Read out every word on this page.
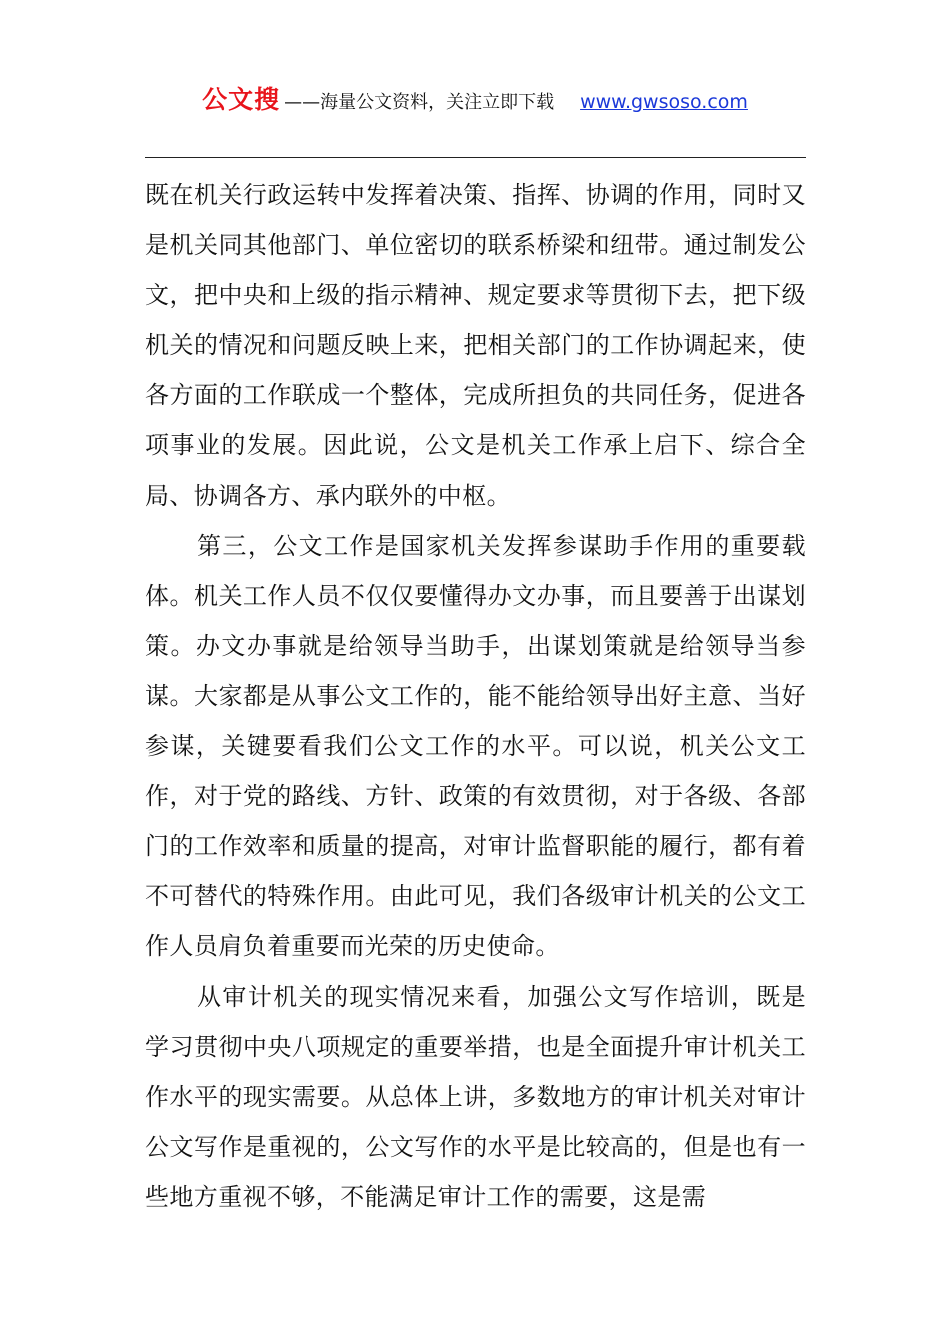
公文搜 ——海量公文资料，关注立即下载 www.gwsoso.com

既在机关行政运转中发挥着决策、指挥、协调的作用，同时又是机关同其他部门、单位密切的联系桥梁和纽带。通过制发公文，把中央和上级的指示精神、规定要求等贯彻下去，把下级机关的情况和问题反映上来，把相关部门的工作协调起来，使各方面的工作联成一个整体，完成所担负的共同任务，促进各项事业的发展。因此说，公文是机关工作承上启下、综合全局、协调各方、承内联外的中枢。

第三，公文工作是国家机关发挥参谋助手作用的重要载体。机关工作人员不仅仅要懂得办文办事，而且要善于出谋划策。办文办事就是给领导当助手，出谋划策就是给领导当参谋。大家都是从事公文工作的，能不能给领导出好主意、当好参谋，关键要看我们公文工作的水平。可以说，机关公文工作，对于党的路线、方针、政策的有效贯彻，对于各级、各部门的工作效率和质量的提高，对审计监督职能的履行，都有着不可替代的特殊作用。由此可见，我们各级审计机关的公文工作人员肩负着重要而光荣的历史使命。

从审计机关的现实情况来看，加强公文写作培训，既是学习贯彻中央八项规定的重要举措，也是全面提升审计机关工作水平的现实需要。从总体上讲，多数地方的审计机关对审计公文写作是重视的，公文写作的水平是比较高的，但是也有一些地方重视不够，不能满足审计工作的需要，这是需
